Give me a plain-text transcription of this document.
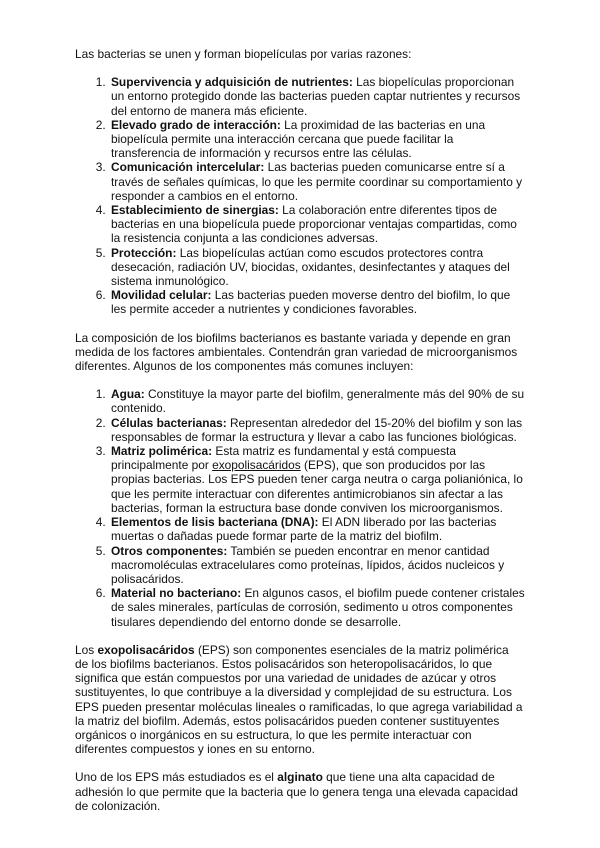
Las bacterias se unen y forman biopelículas por varias razones:

1. Supervivencia y adquisición de nutrientes: Las biopelículas proporcionan un entorno protegido donde las bacterias pueden captar nutrientes y recursos del entorno de manera más eficiente.
2. Elevado grado de interacción: La proximidad de las bacterias en una biopelícula permite una interacción cercana que puede facilitar la transferencia de información y recursos entre las células.
3. Comunicación intercelular: Las bacterias pueden comunicarse entre sí a través de señales químicas, lo que les permite coordinar su comportamiento y responder a cambios en el entorno.
4. Establecimiento de sinergias: La colaboración entre diferentes tipos de bacterias en una biopelícula puede proporcionar ventajas compartidas, como la resistencia conjunta a las condiciones adversas.
5. Protección: Las biopelículas actúan como escudos protectores contra desecación, radiación UV, biocidas, oxidantes, desinfectantes y ataques del sistema inmunológico.
6. Movilidad celular: Las bacterias pueden moverse dentro del biofilm, lo que les permite acceder a nutrientes y condiciones favorables.

La composición de los biofilms bacterianos es bastante variada y depende en gran medida de los factores ambientales. Contendrán gran variedad de microorganismos diferentes. Algunos de los componentes más comunes incluyen:

1. Agua: Constituye la mayor parte del biofilm, generalmente más del 90% de su contenido.
2. Células bacterianas: Representan alrededor del 15-20% del biofilm y son las responsables de formar la estructura y llevar a cabo las funciones biológicas.
3. Matriz polimérica: Esta matriz es fundamental y está compuesta principalmente por exopolisacáridos (EPS), que son producidos por las propias bacterias. Los EPS pueden tener carga neutra o carga polianiónica, lo que les permite interactuar con diferentes antimicrobianos sin afectar a las bacterias, forman la estructura base donde conviven los microorganismos.
4. Elementos de lisis bacteriana (DNA): El ADN liberado por las bacterias muertas o dañadas puede formar parte de la matriz del biofilm.
5. Otros componentes: También se pueden encontrar en menor cantidad macromoléculas extracelulares como proteínas, lípidos, ácidos nucleicos y polisacáridos.
6. Material no bacteriano: En algunos casos, el biofilm puede contener cristales de sales minerales, partículas de corrosión, sedimento u otros componentes tisulares dependiendo del entorno donde se desarrolle.

Los exopolisacáridos (EPS) son componentes esenciales de la matriz polimérica de los biofilms bacterianos. Estos polisacáridos son heteropolisacáridos, lo que significa que están compuestos por una variedad de unidades de azúcar y otros sustituyentes, lo que contribuye a la diversidad y complejidad de su estructura. Los EPS pueden presentar moléculas lineales o ramificadas, lo que agrega variabilidad a la matriz del biofilm. Además, estos polisacáridos pueden contener sustituyentes orgánicos o inorgánicos en su estructura, lo que les permite interactuar con diferentes compuestos y iones en su entorno.

Uno de los EPS más estudiados es el alginato que tiene una alta capacidad de adhesión lo que permite que la bacteria que lo genera tenga una elevada capacidad de colonización.
